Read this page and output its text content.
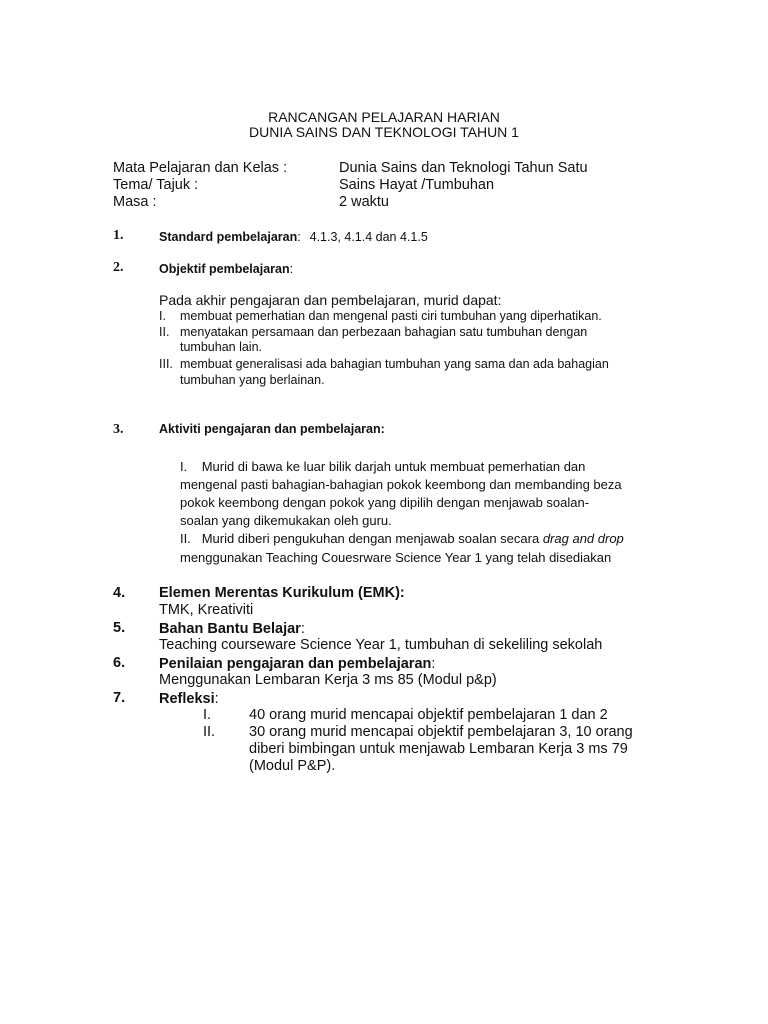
RANCANGAN PELAJARAN HARIAN
DUNIA SAINS DAN TEKNOLOGI TAHUN 1
Mata Pelajaran dan Kelas :	Dunia Sains dan Teknologi Tahun Satu
Tema/ Tajuk :	Sains Hayat /Tumbuhan
Masa :	2 waktu
1.	Standard pembelajaran: 4.1.3, 4.1.4 dan 4.1.5
2.	Objektif pembelajaran:
Pada akhir pengajaran dan pembelajaran, murid dapat:
I. membuat pemerhatian dan mengenal pasti ciri tumbuhan yang diperhatikan.
II. menyatakan persamaan dan perbezaan bahagian satu tumbuhan dengan
tumbuhan lain.
III. membuat generalisasi ada bahagian tumbuhan yang sama dan ada bahagian
tumbuhan yang berlainan.
3.	Aktiviti pengajaran dan pembelajaran:
I. Murid di bawa ke luar bilik darjah untuk membuat pemerhatian dan
mengenal pasti bahagian-bahagian pokok keembong dan membanding beza
pokok keembong dengan pokok yang dipilih dengan menjawab soalan-
soalan yang dikemukakan oleh guru.
II. Murid diberi pengukuhan dengan menjawab soalan secara drag and drop
menggunakan Teaching Couesrware Science Year 1 yang telah disediakan
4. Elemen Merentas Kurikulum (EMK):
TMK, Kreativiti
5. Bahan Bantu Belajar:
Teaching courseware Science Year 1, tumbuhan di sekeliling sekolah
6. Penilaian pengajaran dan pembelajaran:
Menggunakan Lembaran Kerja 3 ms 85 (Modul p&p)
7. Refleksi:
I.	40 orang murid mencapai objektif pembelajaran 1 dan 2
II. 30 orang murid mencapai objektif pembelajaran 3, 10 orang
diberi bimbingan untuk menjawab Lembaran Kerja 3 ms 79
(Modul P&P).
